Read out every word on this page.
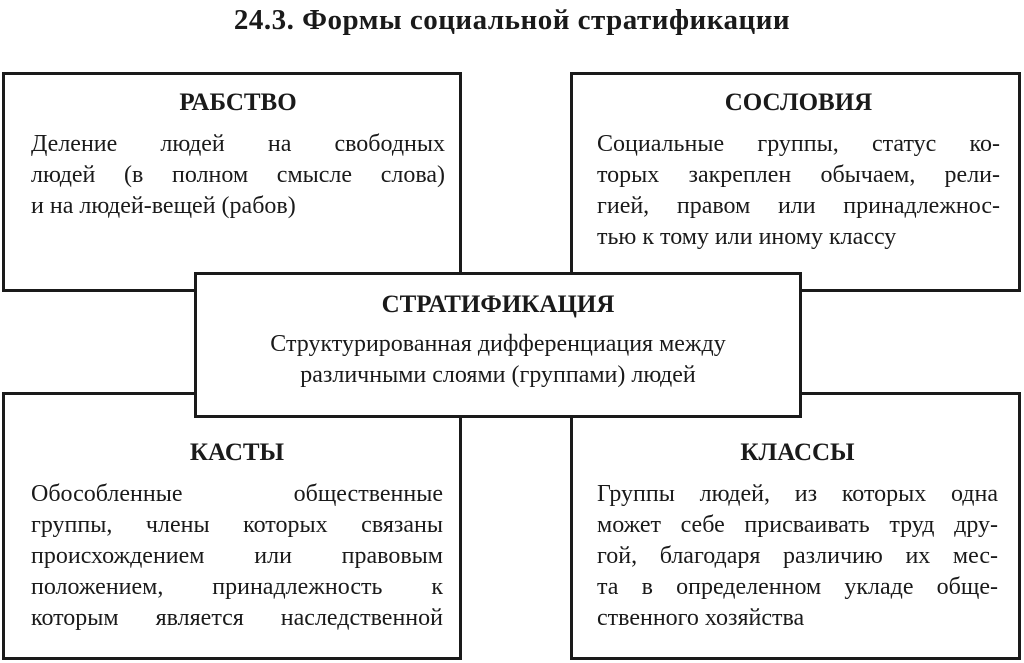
24.3. Формы социальной стратификации

РАБСТВО

Деление людей на свободных
людей (в полном смысле слова)
и на людей-вещей (рабов)

СОСЛОВИЯ

Социальные группы, статус ко-
торых закреплен обычаем, рели-
гией, правом или принадлежнос-
тью к тому или иному классу

КАСТЫ

Обособленные общественные
группы, члены которых связаны
происхождением или правовым
положением, принадлежность к
которым является наследственной

КЛАССЫ

Группы людей, из которых одна
может себе присваивать труд дру-
гой, благодаря различию их мес-
та в определенном укладе обще-
ственного хозяйства

СТРАТИФИКАЦИЯ

Структурированная дифференциация между
различными слоями (группами) людей
